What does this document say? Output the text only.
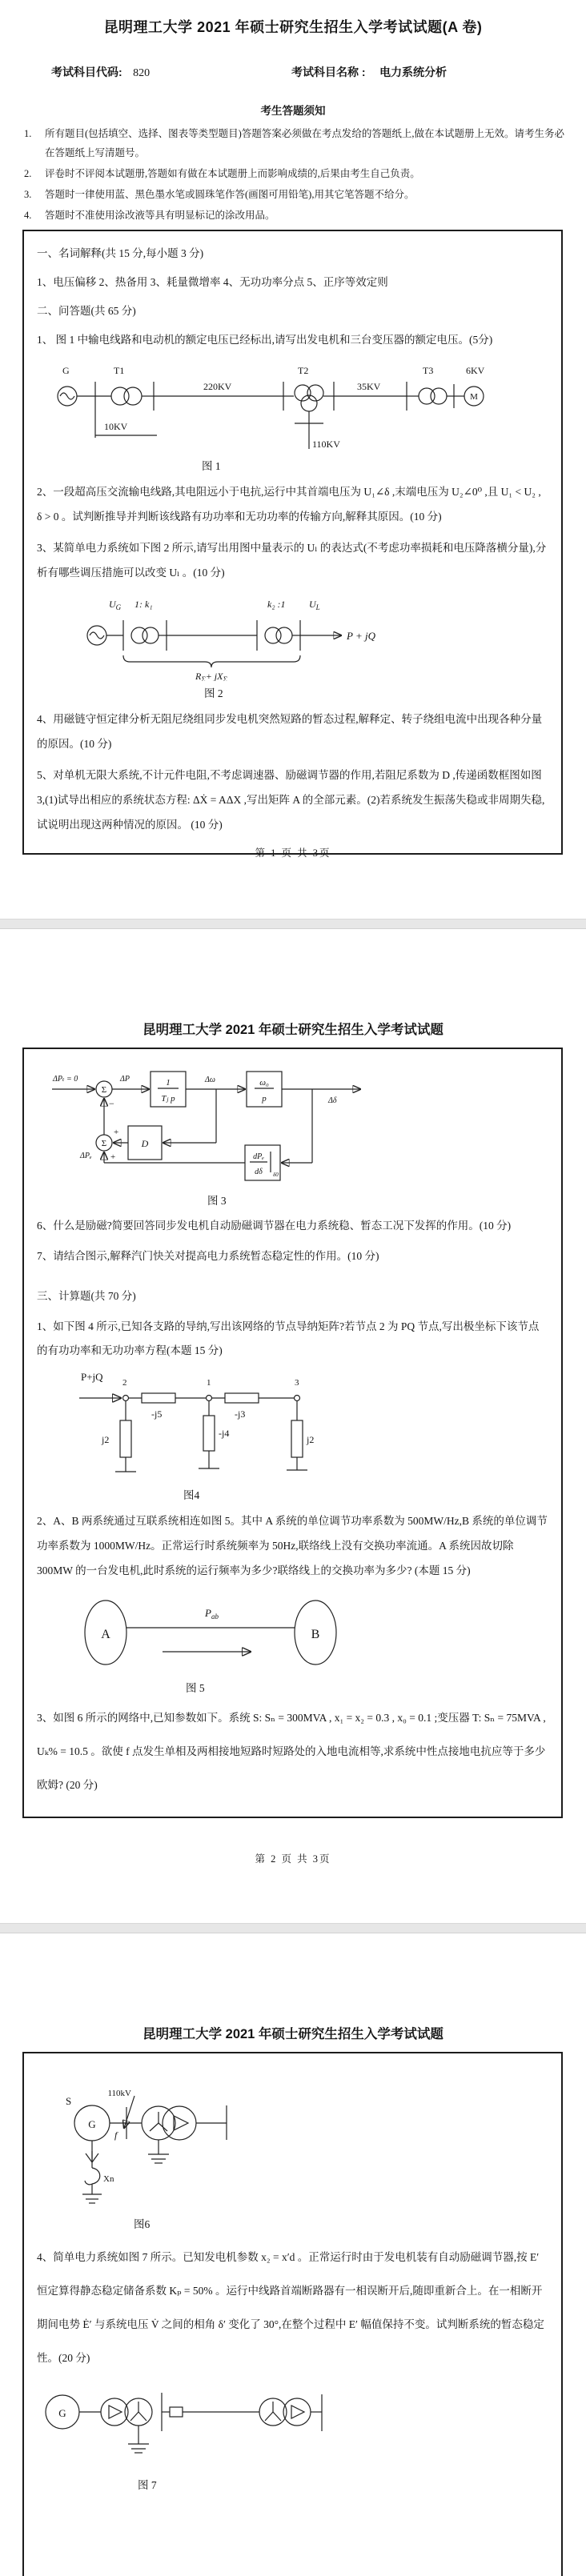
昆明理工大学 2021 年硕士研究生招生入学考试试题(A 卷)
考试科目代码: 820	考试科目名称 : 电力系统分析
考生答题须知
1. 所有题目(包括填空、选择、图表等类型题目)答题答案必须做在考点发给的答题纸上,做在本试题册上无效。请考生务必在答题纸上写清题号。
2. 评卷时不评阅本试题册,答题如有做在本试题册上而影响成绩的,后果由考生自己负责。
3. 答题时一律使用蓝、黑色墨水笔或圆珠笔作答(画图可用铅笔),用其它笔答题不给分。
4. 答题时不准使用涂改液等具有明显标记的涂改用品。

一、名词解释(共 15 分,每小题 3 分)

1、电压偏移 2、热备用 3、耗量微增率 4、无功功率分点 5、正序等效定则

二、问答题(共 65 分)

1、 图 1 中输电线路和电动机的额定电压已经标出,请写出发电机和三台变压器的额定电压。(5分)

G	T1
220KV
T2
110KV
35KV
T3	6KV
M
10KV
图 1

2、一段超高压交流输电线路,其电阻远小于电抗,运行中其首端电压为 U₁∠δ ,末端电压为 U₂∠0⁰ ,且 U₁ < U₂ , δ > 0 。试判断推导并判断该线路有功功率和无功功率的传输方向,解释其原因。(10 分)

3、某简单电力系统如下图 2 所示,请写出用图中量表示的 Uₗ 的表达式(不考虑功率损耗和电压降落横分量),分析有哪些调压措施可以改变 Uₗ 。(10 分)

$U_G$ 1: k₁	k₂ :1 $U_L$
P + jQ
$R_\Sigma+ jX_\Sigma$
图 2

4、用磁链守恒定律分析无阻尼绕组同步发电机突然短路的暂态过程,解释定、转子绕组电流中出现各种分量的原因。(10 分)

5、对单机无限大系统,不计元件电阻,不考虑调速器、励磁调节器的作用,若阻尼系数为 D ,传递函数框图如图 3,(1)试导出相应的系统状态方程: ΔẊ = AΔX ,写出矩阵 A 的全部元素。(2)若系统发生振荡失稳或非周期失稳,试说明出现这两种情况的原因。 (10 分)

第 1 页 共 3页
昆明理工大学 2021 年硕士研究生招生入学考试试题
ΔPₜ = 0
Σ
−
ΔP	1
Tⱼ p
Δω	ω₀
p	Δδ
D
Σ
+
+	dPₑ
dδ δ0
ΔPₑ
图 3

6、什么是励磁?简要回答同步发电机自动励磁调节器在电力系统稳、暂态工况下发挥的作用。(10 分)

7、请结合图示,解释汽门快关对提高电力系统暂态稳定性的作用。(10 分)

三、计算题(共 70 分)

1、如下图 4 所示,已知各支路的导纳,写出该网络的节点导纳矩阵?若节点 2 为 PQ 节点,写出极坐标下该节点的有功功率和无功功率方程(本题 15 分)

P+jQ 2
-j5
1
-j3
3
j2
-j4
j2
图4

2、A、B 两系统通过互联系统相连如图 5。其中 A 系统的单位调节功率系数为 500MW/Hz,B 系统的单位调节功率系数为 1000MW/Hz。正常运行时系统频率为 50Hz,联络线上没有交换功率流通。A 系统因故切除 300MW 的一台发电机,此时系统的运行频率为多少?联络线上的交换功率为多少? (本题 15 分)

A	B
$P_{ab}$
图 5

3、如图 6 所示的网络中,已知参数如下。系统 S: Sₙ = 300MVA , x₁ = x₂ = 0.3 , x₀ = 0.1 ;变压器 T: Sₙ = 75MVA , Uₖ% = 10.5 。欲使 f 点发生单相及两相接地短路时短路处的入地电流相等,求系统中性点接地电抗应等于多少欧姆? (20 分)

第 2 页 共 3页
昆明理工大学 2021 年硕士研究生招生入学考试试题
S
G
110kV
f
Xn
图6

4、简单电力系统如图 7 所示。已知发电机参数 x₂ = x′d 。正常运行时由于发电机装有自动励磁调节器,按 E′ 恒定算得静态稳定储备系数 Kₚ = 50% 。运行中线路首端断路器有一相误断开后,随即重新合上。在一相断开期间电势 Ė′ 与系统电压 V̇ 之间的相角 δ′ 变化了 30°,在整个过程中 E′ 幅值保持不变。试判断系统的暂态稳定性。(20 分)

G
图 7
